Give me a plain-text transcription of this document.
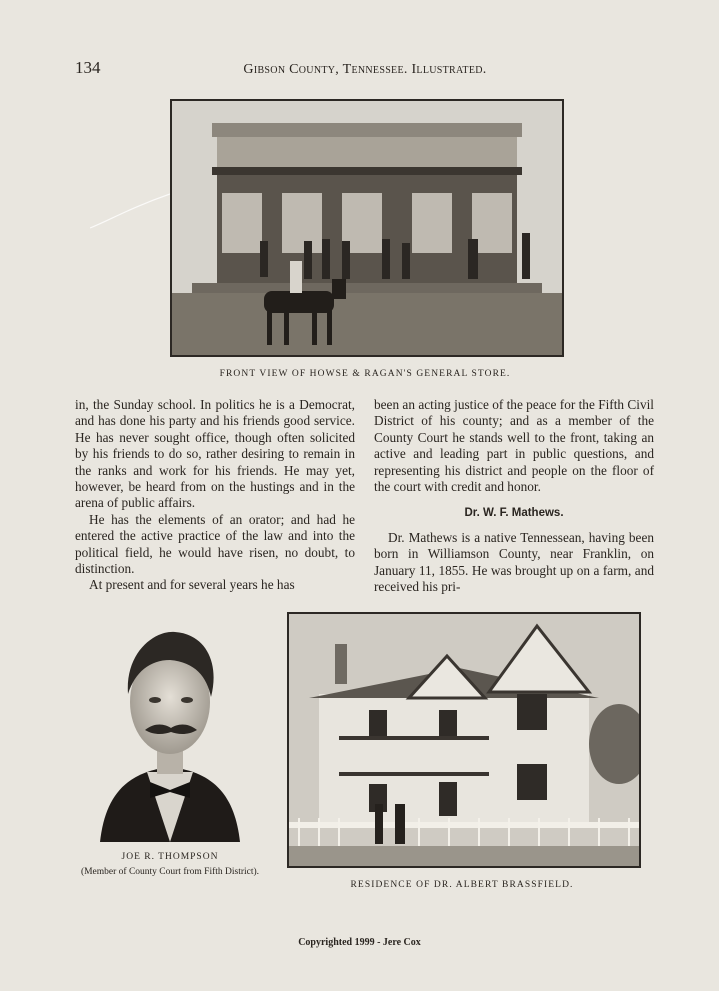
134	Gibson County, Tennessee. Illustrated.
FRONT VIEW OF HOWSE & RAGAN'S GENERAL STORE.

in, the Sunday school. In politics he is a Democrat, and has done his party and his friends good service. He has never sought office, though often solicited by his friends to do so, rather desiring to remain in the ranks and work for his friends. He may yet, however, be heard from on the hustings and in the arena of public affairs.

He has the elements of an orator; and had he entered the active practice of the law and into the political field, he would have risen, no doubt, to distinction.

At present and for several years he has

been an acting justice of the peace for the Fifth Civil District of his county; and as a member of the County Court he stands well to the front, taking an active and leading part in public questions, and representing his district and people on the floor of the court with credit and honor.

Dr. W. F. Mathews.

Dr. Mathews is a native Tennessean, having been born in Williamson County, near Franklin, on January 11, 1855. He was brought up on a farm, and received his pri-

JOE R. THOMPSON
(Member of County Court from Fifth District).
RESIDENCE OF DR. ALBERT BRASSFIELD.
Copyrighted 1999 - Jere Cox
